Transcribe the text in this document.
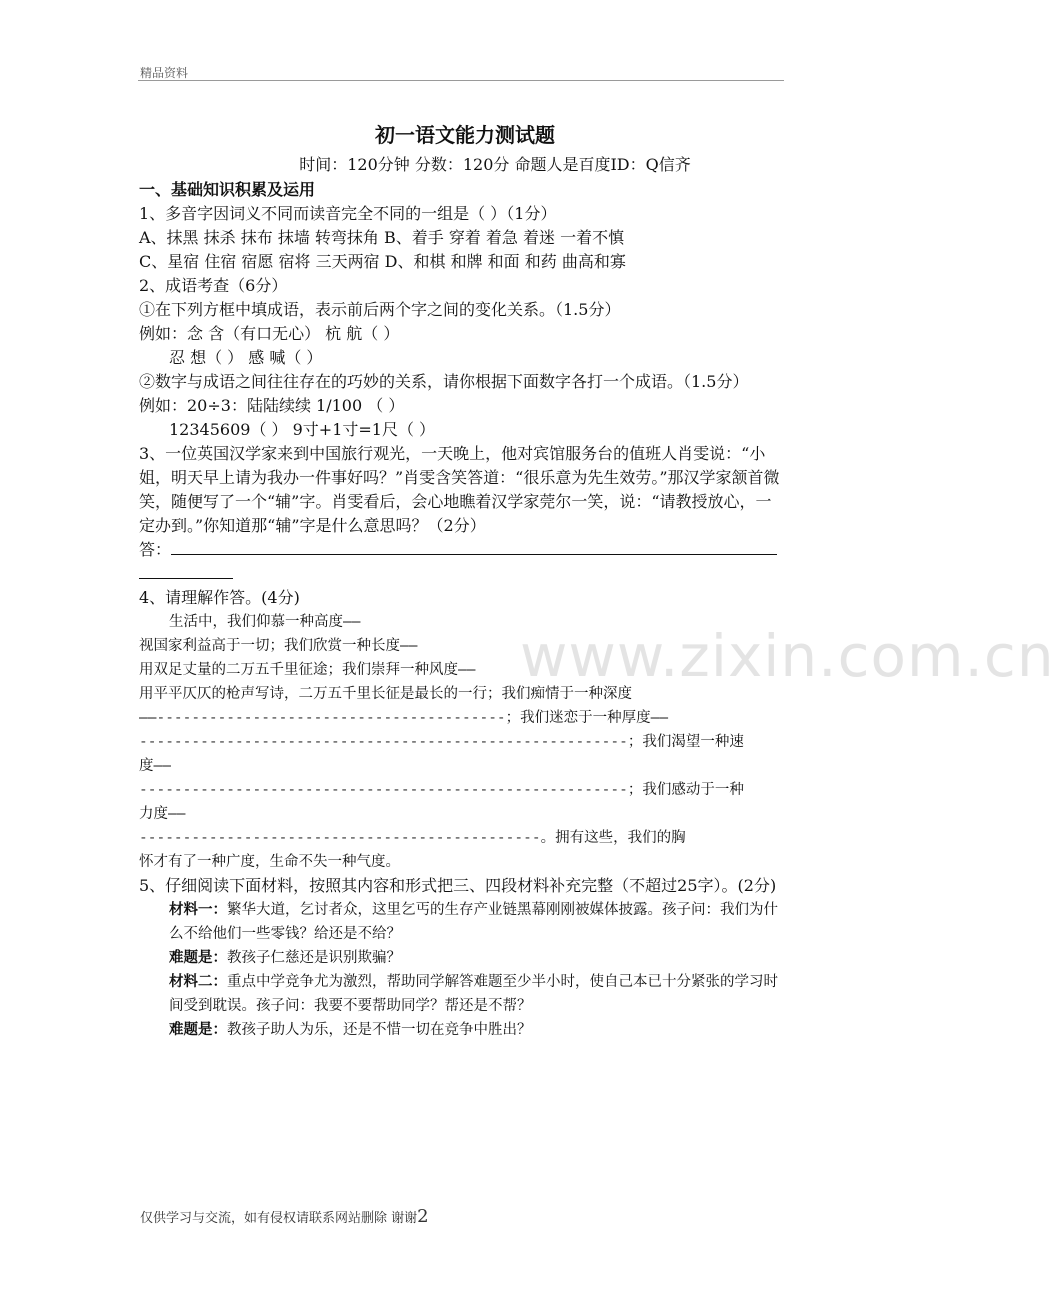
精品资料
www.zixin.com.cn
初一语文能力测试题
时间：120分钟 分数：120分 命题人是百度ID：Q信齐
一、基础知识积累及运用
1、多音字因词义不同而读音完全不同的一组是（ ）（1分）
A、抹黑 抹杀 抹布 抹墙 转弯抹角 B、着手 穿着 着急 着迷 一着不慎
C、星宿 住宿 宿愿 宿将 三天两宿 D、和棋 和牌 和面 和药 曲高和寡
2、成语考查（6分）
①在下列方框中填成语，表示前后两个字之间的变化关系。（1.5分）
例如：念 含（有口无心） 杭 航（ ）
忍 想（ ） 感 喊（ ）
②数字与成语之间往往存在的巧妙的关系，请你根据下面数字各打一个成语。（1.5分）
例如：20÷3：陆陆续续 1/100 （ ）
12345609（ ） 9寸+1寸=1尺（ ）
3、一位英国汉学家来到中国旅行观光，一天晚上，他对宾馆服务台的值班人肖雯说：“小姐，明天早上请为我办一件事好吗？”肖雯含笑答道：“很乐意为先生效劳。”那汉学家颔首微笑，随便写了一个“辅”字。肖雯看后，会心地瞧着汉学家莞尔一笑，说：“请教授放心，一定办到。”你知道那“辅”字是什么意思吗？（2分）
答：
4、请理解作答。(4分)
生活中，我们仰慕一种高度——
视国家利益高于一切；我们欣赏一种长度——
用双足丈量的二万五千里征途；我们崇拜一种风度——
用平平仄仄的枪声写诗，二万五千里长征是最长的一行；我们痴情于一种深度
——----------------------------------------；我们迷恋于一种厚度——
--------------------------------------------------------；我们渴望一种速
度——
--------------------------------------------------------；我们感动于一种
力度——
----------------------------------------------。拥有这些，我们的胸
怀才有了一种广度，生命不失一种气度。
5、仔细阅读下面材料，按照其内容和形式把三、四段材料补充完整（不超过25字）。(2分)
材料一：繁华大道，乞讨者众，这里乞丐的生存产业链黑幕刚刚被媒体披露。孩子问：我们为什么不给他们一些零钱？给还是不给？
难题是：教孩子仁慈还是识别欺骗？
材料二：重点中学竞争尤为激烈，帮助同学解答难题至少半小时，使自己本已十分紧张的学习时间受到耽误。孩子问：我要不要帮助同学？帮还是不帮？
难题是：教孩子助人为乐，还是不惜一切在竞争中胜出？
仅供学习与交流，如有侵权请联系网站删除 谢谢2
